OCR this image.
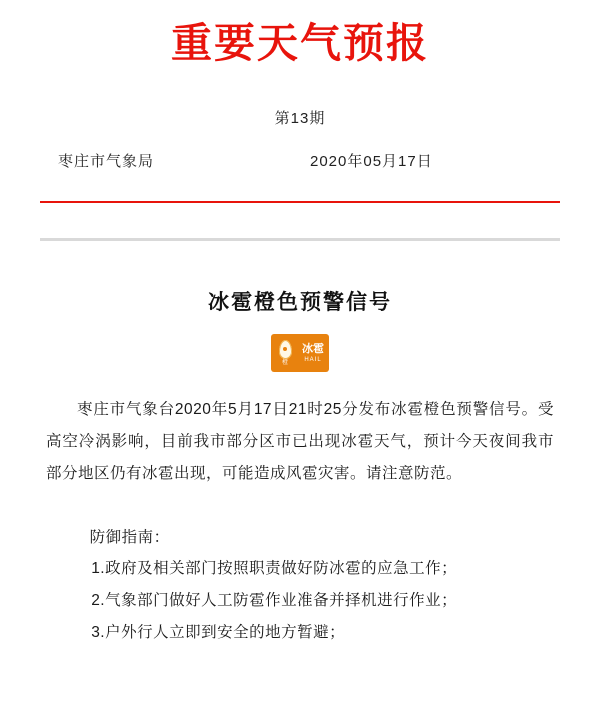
重要天气预报
第13期
枣庄市气象局	2020年05月17日
冰雹橙色预警信号
橙
冰雹
HAIL

枣庄市气象台2020年5月17日21时25分发布冰雹橙色预警信号。受高空冷涡影响，目前我市部分区市已出现冰雹天气，预计今天夜间我市部分地区仍有冰雹出现，可能造成风雹灾害。请注意防范。

防御指南：
1.政府及相关部门按照职责做好防冰雹的应急工作；
2.气象部门做好人工防雹作业准备并择机进行作业；
3.户外行人立即到安全的地方暂避；
